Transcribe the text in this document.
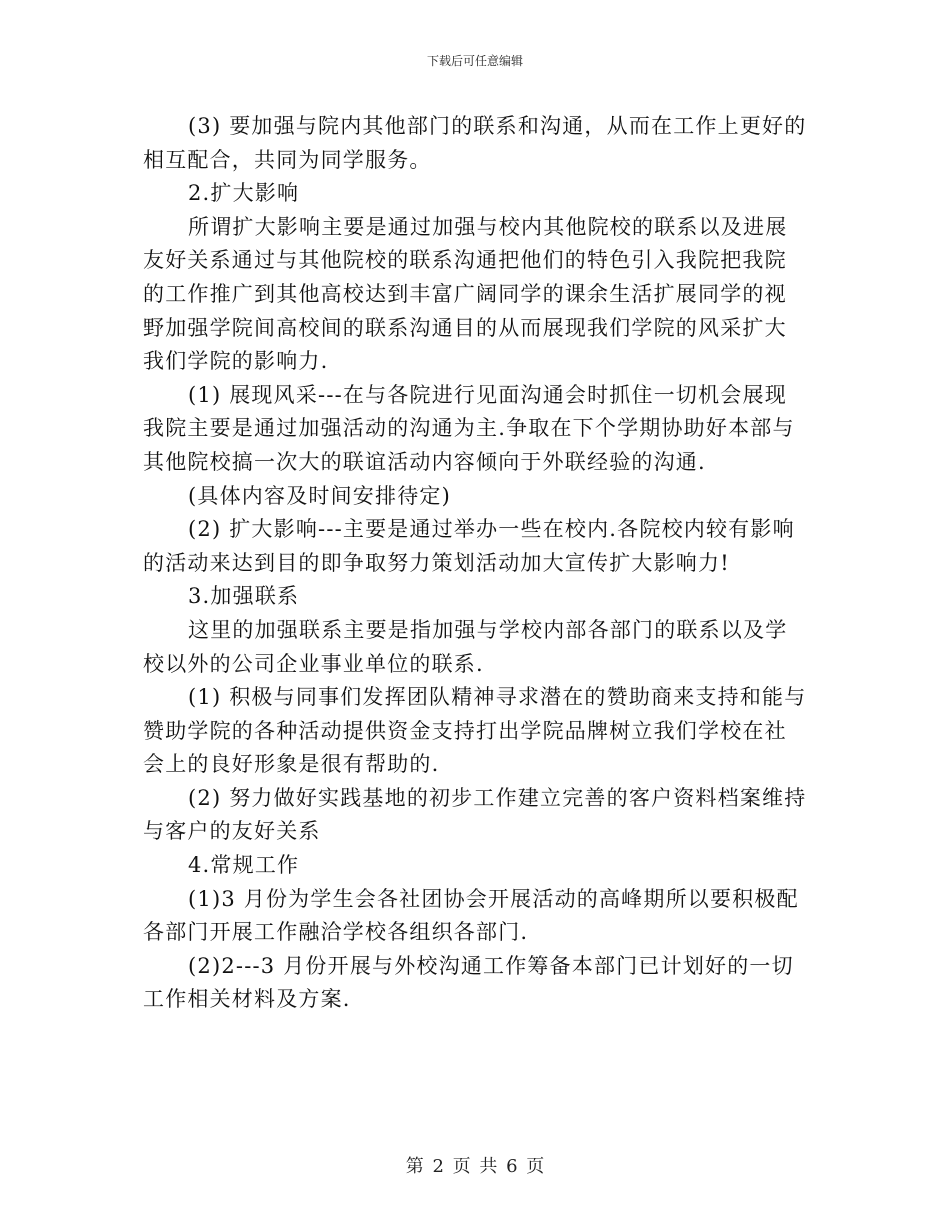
下载后可任意编辑

(3) 要加强与院内其他部门的联系和沟通，从而在工作上更好的相互配合，共同为同学服务。

2.扩大影响

所谓扩大影响主要是通过加强与校内其他院校的联系以及进展友好关系通过与其他院校的联系沟通把他们的特色引入我院把我院的工作推广到其他高校达到丰富广阔同学的课余生活扩展同学的视野加强学院间高校间的联系沟通目的从而展现我们学院的风采扩大我们学院的影响力.

(1) 展现风采---在与各院进行见面沟通会时抓住一切机会展现我院主要是通过加强活动的沟通为主.争取在下个学期协助好本部与其他院校搞一次大的联谊活动内容倾向于外联经验的沟通.

(具体内容及时间安排待定)

(2) 扩大影响---主要是通过举办一些在校内.各院校内较有影响的活动来达到目的即争取努力策划活动加大宣传扩大影响力!

3.加强联系

这里的加强联系主要是指加强与学校内部各部门的联系以及学校以外的公司企业事业单位的联系.

(1) 积极与同事们发挥团队精神寻求潜在的赞助商来支持和能与赞助学院的各种活动提供资金支持打出学院品牌树立我们学校在社会上的良好形象是很有帮助的.

(2) 努力做好实践基地的初步工作建立完善的客户资料档案维持与客户的友好关系

4.常规工作

(1)3 月份为学生会各社团协会开展活动的高峰期所以要积极配各部门开展工作融洽学校各组织各部门.

(2)2---3 月份开展与外校沟通工作筹备本部门已计划好的一切工作相关材料及方案.

第 2 页 共 6 页
